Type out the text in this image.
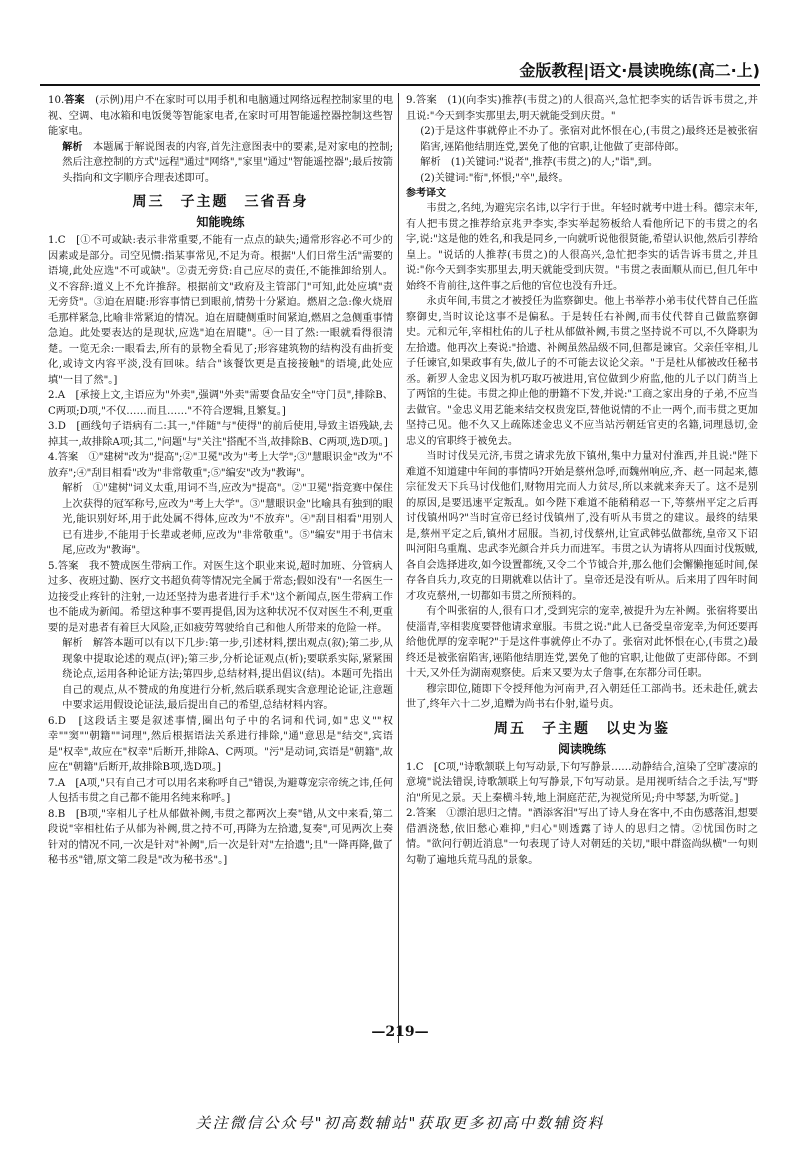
金版教程|语文·晨读晚练(高二·上)

10.答案　 (示例)用户不在家时可以用手机和电脑通过网络远程控制家里的电视、空调、电冰箱和电饭煲等智能家电者,在家时可用智能遥控器控制这些智能家电。

解析　 本题属于解说图表的内容,首先注意图表中的要素,是对家电的控制;然后注意控制的方式"远程"通过"网络","家里"通过"智能遥控器";最后按箭头指向和文字顺序合理表述即可。

周三　子主题　三省吾身
知能晚练

1.C　[①不可或缺:表示非常重要,不能有一点点的缺失;通常形容必不可少的因素或是部分。司空见惯:指某事常见,不足为奇。根据"人们日常生活"需要的语境,此处应选"不可或缺"。②责无旁贷:自己应尽的责任,不能推卸给别人。义不容辞:道义上不允许推辞。根据前文"政府及主管部门"可知,此处应填"责无旁贷"。③迫在眉睫:形容事情已到眼前,情势十分紧迫。燃眉之急:像火烧眉毛那样紧急,比喻非常紧迫的情况。迫在眉睫侧重时间紧迫,燃眉之急侧重事情急迫。此处要表达的是现状,应选"迫在眉睫"。④一目了然:一眼就看得很清楚。一览无余:一眼看去,所有的景物全看见了;形容建筑物的结构没有曲折变化,或诗文内容平淡,没有回味。结合"该餐饮更是直接接触"的语境,此处应填"一目了然"。]

2.A　[承接上文,主语应为"外卖",强调"外卖"需要食品安全"守门员",排除B、C两项;D项,"不仅……而且……"不符合逻辑,且繁复。]

3.D　[画线句子语病有二:其一,"伴随"与"使得"的前后使用,导致主语残缺,去掉其一,故排除A项;其二,"问题"与"关注"搭配不当,故排除B、C两项,选D项。]

4.答案　①"建树"改为"提高";②"卫冕"改为"考上大学";③"慧眼识金"改为"不放弃";④"刮目相看"改为"非常敬重";⑤"编安"改为"教诲"。

解析　①"建树"词义太重,用词不当,应改为"提高"。②"卫冕"指竞赛中保住上次获得的冠军称号,应改为"考上大学"。③"慧眼识金"比喻具有独到的眼光,能识别好坏,用于此处属不得体,应改为"不放弃"。④"刮目相看"用别人已有进步,不能用于长辈或老师,应改为"非常敬重"。⑤"编安"用于书信末尾,应改为"教诲"。

5.答案　我不赞成医生带病工作。对医生这个职业来说,超时加班、分管病人过多、夜班过勤、医疗文书超负荷等情况完全属于常态;假如没有"一名医生一边接受止疼针的注射,一边还坚持为患者进行手术"这个新闻点,医生带病工作也不能成为新闻。希望这种事不要再提倡,因为这种状况不仅对医生不利,更重要的是对患者有着巨大风险,正如疲劳驾驶给自己和他人所带来的危险一样。

解析　解答本题可以有以下几步:第一步,引述材料,摆出观点(叙);第二步,从现象中提取论述的观点(评);第三步,分析论证观点(析);要联系实际,紧紧围绕论点,运用各种论证方法;第四步,总结材料,提出倡议(结)。本题可先指出自己的观点,从不赞成的角度进行分析,然后联系现实含意理论论证,注意题中要求运用假设论证法,最后提出自己的希望,总结材料内容。

6.D　[这段话主要是叙述事情,圈出句子中的名词和代词,如"忠义""权幸""窦""朝籍""词理",然后根据语法关系进行排除,"通"意思是"结交",宾语是"权幸",故应在"权幸"后断开,排除A、C两项。"污"是动词,宾语是"朝籍",故应在"朝籍"后断开,故排除B项,选D项。]

7.A　[A项,"只有自己才可以用名来称呼自己"错误,为避尊宠宗帝统之讳,任何人包括韦贯之自己都不能用名纯来称呼。]

8.B　[B项,"宰相儿子杜从郁做补阙,韦贯之都两次上奏"错,从文中来看,第二段说"宰相杜佑子从郁为补阙,贯之持不可,再降为左拾遗,复奏",可见两次上奏针对的情况不同,一次是针对"补阙",后一次是针对"左拾遗";且"一降再降,做了秘书丞"错,原文第二段是"改为秘书丞"。]

9.答案　(1)(向李实)推荐(韦贯之)的人很高兴,急忙把李实的话告诉韦贯之,并且说:"今天到李实那里去,明天就能受到庆贯。"

(2)于是这件事就停止不办了。张宿对此怀恨在心,(韦贯之)最终还是被张宿陷害,诬陷他结朋连党,罢免了他的官职,让他做了吏部侍郎。

解析　(1)关键词:"说者",推荐(韦贯之)的人;"诣",到。

(2)关键词:"衔",怀恨;"卒",最终。

参考译文

韦贯之,名纯,为避宪宗名讳,以字行于世。年轻时就考中进士科。德宗末年,有人把韦贯之推荐给京兆尹李实,李实举起笏板给人看他所记下的韦贯之的名字,说:"这是他的姓名,和我是同乡,一向就听说他很贤能,希望认识他,然后引荐给皇上。"说话的人推荐(韦贯之)的人很高兴,急忙把李实的话告诉韦贯之,并且说:"你今天到李实那里去,明天就能受到庆贺。"韦贯之表面顺从而已,但几年中始终不肯前往,这件事之后他的官位也没有升迁。

永贞年间,韦贯之才被授任为监察御史。他上书举荐小弟韦仗代替自己任监察御史,当时议论这事不是偏私。于是转任右补阙,而韦仗代替自己做监察御史。元和元年,宰相杜佑的儿子杜从郁做补阙,韦贯之坚持说不可以,不久降职为左拾遗。他再次上奏说:"拾遗、补阙虽然品级不同,但都是谏官。父亲任宰相,儿子任谏官,如果政事有失,做儿子的不可能去议论父亲。"于是杜从郁被改任秘书丞。新罗人金忠义因为机巧取巧被进用,官位做到少府监,他的儿子以门荫当上了两馆的生徒。韦贯之抑止他的册籍不下发,并说:"工商之家出身的子弟,不应当去做官。"金忠义用艺能来结交权贵宠臣,替他说情的不止一两个,而韦贯之更加坚持己见。他不久又上疏陈述金忠义不应当站污朝廷官吏的名籍,词理恳切,金忠义的官职终于被免去。

当时讨伐吴元济,韦贯之请求先放下镇州,集中力量对付淮西,并且说:"陛下难道不知道建中年间的事情吗?开始是蔡州急呼,而魏州响应,齐、赵一同起来,德宗征发天下兵马讨伐他们,财物用完而人力贫尽,所以来就来奔天了。这不是别的原因,是要迅速平定叛乱。如今陛下难道不能稍稍忍一下,等蔡州平定之后再讨伐镇州吗?"当时宣帝已经讨伐镇州了,没有听从韦贯之的建议。最终的结果是,蔡州平定之后,镇州才屈服。当初,讨伐蔡州,让宣武韩弘做都统,皇帝又下诏叫河阳乌重胤、忠武李光颜合并兵力而进军。韦贯之认为请将从四面讨伐叛贼,各自会选择进攻,如今设置都统,又令二个节钺合并,那么他们会懈懒拖延时间,保存各自兵力,攻克的日期就难以估计了。皇帝还是没有听从。后来用了四年时间才攻克蔡州,一切都如韦贯之所预料的。

有个叫张宿的人,很有口才,受到宪宗的宠幸,被提升为左补阙。张宿将要出使淄青,宰相裴度要替他请求章服。韦贯之说:"此人已备受皇帝宠幸,为何还要再给他优厚的宠幸呢?"于是这件事就停止不办了。张宿对此怀恨在心,(韦贯之)最终还是被张宿陷害,诬陷他结朋连党,罢免了他的官职,让他做了吏部侍郎。不到十天,又外任为湖南观察使。后来又要为太子詹事,在东都分司任职。

穆宗即位,随即下令授拜他为河南尹,召入朝廷任工部尚书。还未赴任,就去世了,终年六十二岁,追赠为尚书右仆射,谥号贞。

周五　子主题　以史为鉴
阅读晚练

1.C　[C项,"诗歌颔联上句写动景,下句写静景……动静结合,渲染了空旷凄凉的意境"说法错误,诗歌颔联上句写静景,下句写动景。是用视听结合之手法,写"野泊"所见之景。天上秦横斗转,地上洞庭茫茫,为视觉所见;舟中琴瑟,为听觉。]

2.答案　①漂泊思归之情。"酒添客泪"写出了诗人身在客中,不由伤感落泪,想要借酒浇愁,依旧愁心难抑,"归心"则透露了诗人的思归之情。②忧国伤时之情。"欲问行朝近消息"一句表现了诗人对朝廷的关切,"眼中群盗尚纵横"一句则勾勒了遍地兵荒马乱的景象。

—219—
关注微信公众号"初高数辅站"获取更多初高中数辅资料
